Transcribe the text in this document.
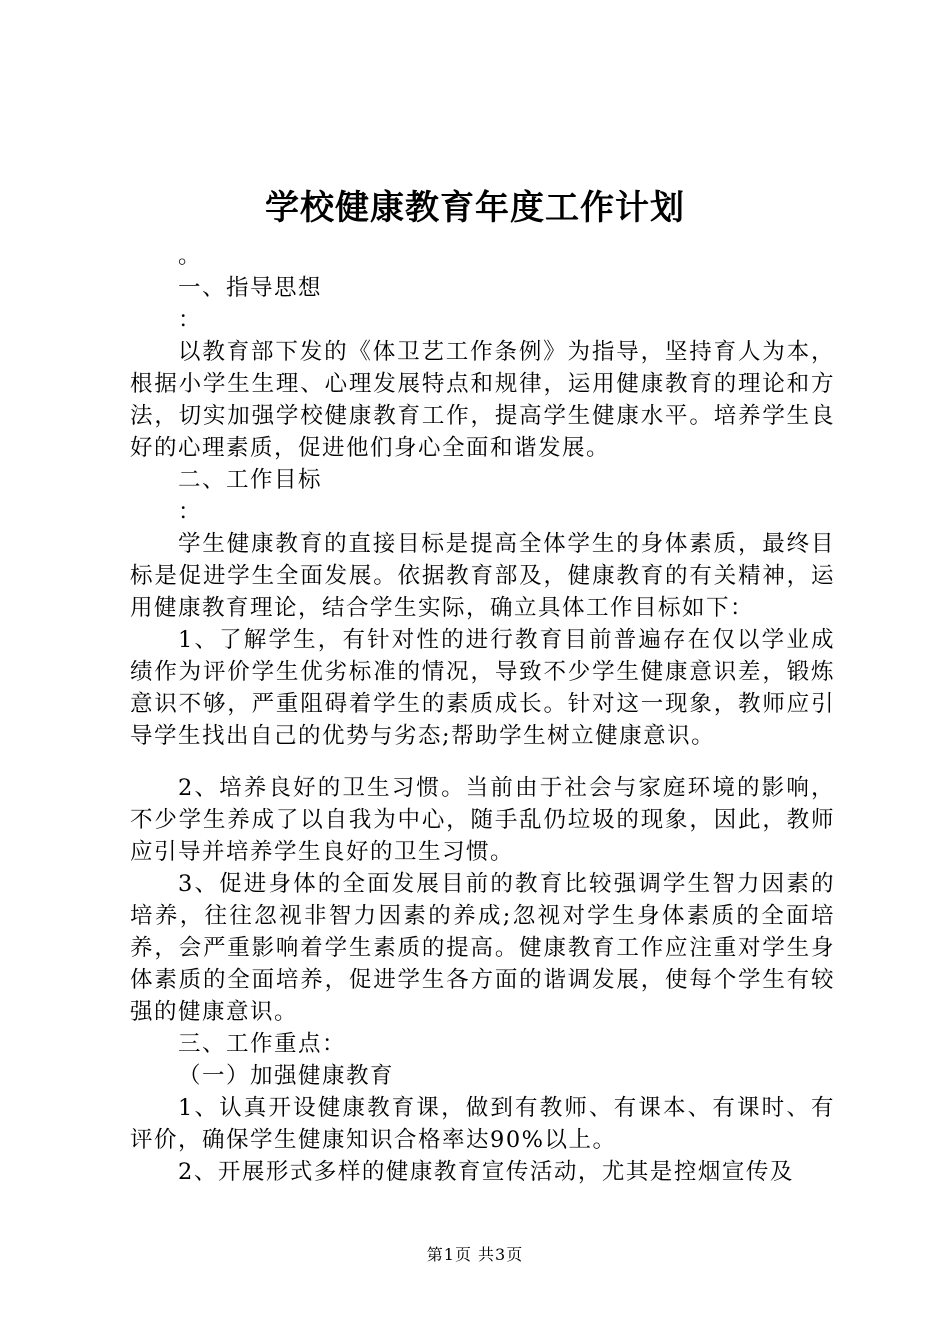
学校健康教育年度工作计划

。

一、指导思想

：

以教育部下发的《体卫艺工作条例》为指导，坚持育人为本，根据小学生生理、心理发展特点和规律，运用健康教育的理论和方法，切实加强学校健康教育工作，提高学生健康水平。培养学生良好的心理素质，促进他们身心全面和谐发展。

二、工作目标

：

学生健康教育的直接目标是提高全体学生的身体素质，最终目标是促进学生全面发展。依据教育部及，健康教育的有关精神，运用健康教育理论，结合学生实际，确立具体工作目标如下：

1、了解学生，有针对性的进行教育目前普遍存在仅以学业成绩作为评价学生优劣标准的情况，导致不少学生健康意识差，锻炼意识不够，严重阻碍着学生的素质成长。针对这一现象，教师应引导学生找出自己的优势与劣态;帮助学生树立健康意识。

2、培养良好的卫生习惯。当前由于社会与家庭环境的影响，不少学生养成了以自我为中心，随手乱仍垃圾的现象，因此，教师应引导并培养学生良好的卫生习惯。

3、促进身体的全面发展目前的教育比较强调学生智力因素的培养，往往忽视非智力因素的养成;忽视对学生身体素质的全面培养，会严重影响着学生素质的提高。健康教育工作应注重对学生身体素质的全面培养，促进学生各方面的谐调发展，使每个学生有较强的健康意识。

三、工作重点：

（一）加强健康教育

1、认真开设健康教育课，做到有教师、有课本、有课时、有评价，确保学生健康知识合格率达90%以上。

2、开展形式多样的健康教育宣传活动，尤其是控烟宣传及

第1页 共3页
